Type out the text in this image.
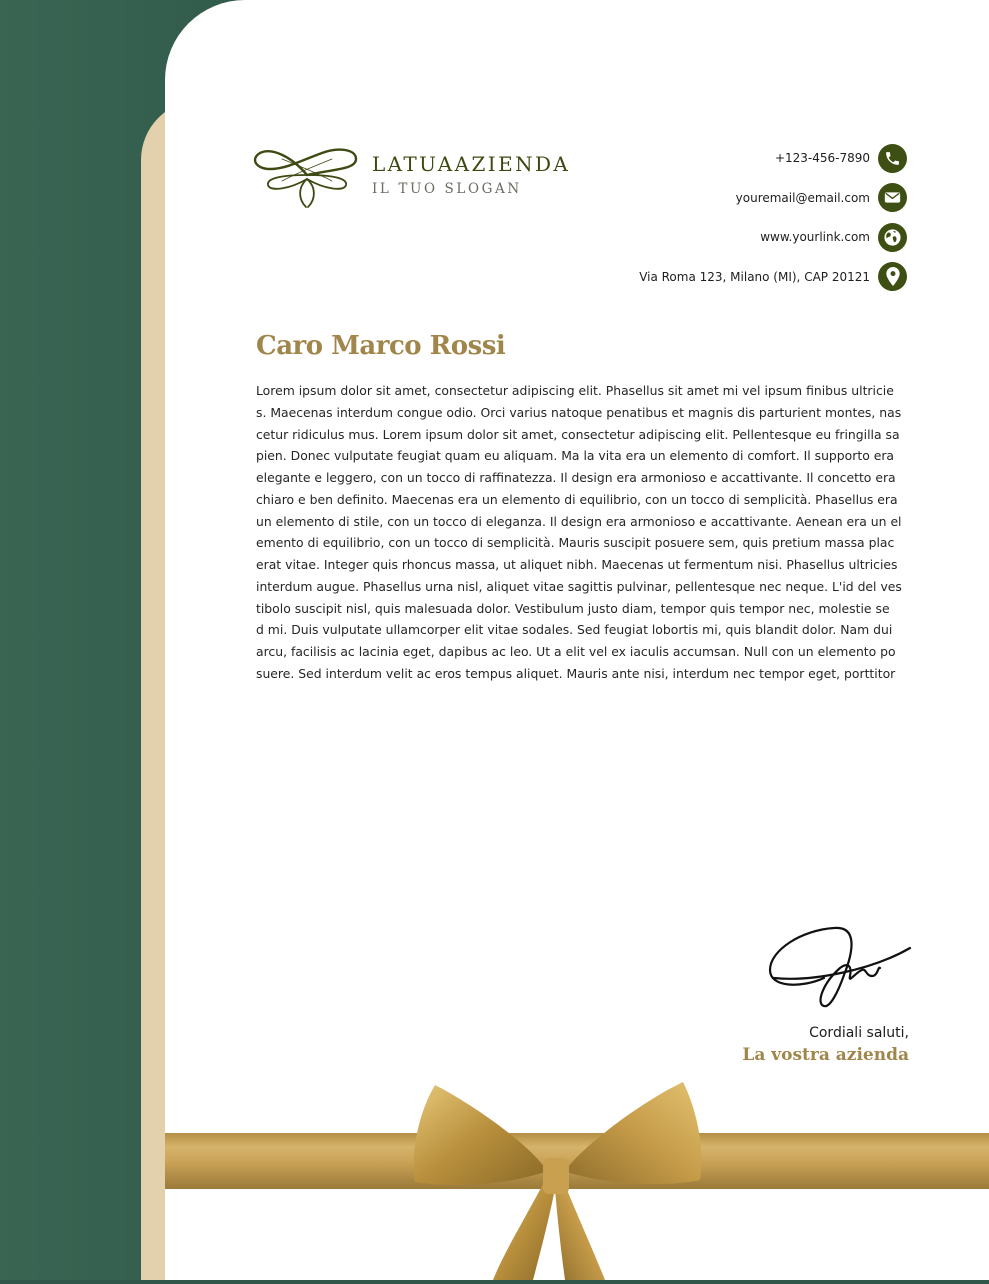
LATUAAZIENDA
IL TUO SLOGAN
+123-456-7890
youremail@email.com
www.yourlink.com
Via Roma 123, Milano (MI), CAP 20121
Caro Marco Rossi
Lorem ipsum dolor sit amet, consectetur adipiscing elit. Phasellus sit amet mi vel ipsum finibus ultricie
s. Maecenas interdum congue odio. Orci varius natoque penatibus et magnis dis parturient montes, nas
cetur ridiculus mus. Lorem ipsum dolor sit amet, consectetur adipiscing elit. Pellentesque eu fringilla sa
pien. Donec vulputate feugiat quam eu aliquam. Ma la vita era un elemento di comfort. Il supporto era
elegante e leggero, con un tocco di raffinatezza. Il design era armonioso e accattivante. Il concetto era
chiaro e ben definito. Maecenas era un elemento di equilibrio, con un tocco di semplicità. Phasellus era
un elemento di stile, con un tocco di eleganza. Il design era armonioso e accattivante. Aenean era un el
emento di equilibrio, con un tocco di semplicità. Mauris suscipit posuere sem, quis pretium massa plac
erat vitae. Integer quis rhoncus massa, ut aliquet nibh. Maecenas ut fermentum nisi. Phasellus ultricies
interdum augue. Phasellus urna nisl, aliquet vitae sagittis pulvinar, pellentesque nec neque. L'id del ves
tibolo suscipit nisl, quis malesuada dolor. Vestibulum justo diam, tempor quis tempor nec, molestie se
d mi. Duis vulputate ullamcorper elit vitae sodales. Sed feugiat lobortis mi, quis blandit dolor. Nam dui
arcu, facilisis ac lacinia eget, dapibus ac leo. Ut a elit vel ex iaculis accumsan. Null con un elemento po
suere. Sed interdum velit ac eros tempus aliquet. Mauris ante nisi, interdum nec tempor eget, porttitor
Cordiali saluti,
La vostra azienda
